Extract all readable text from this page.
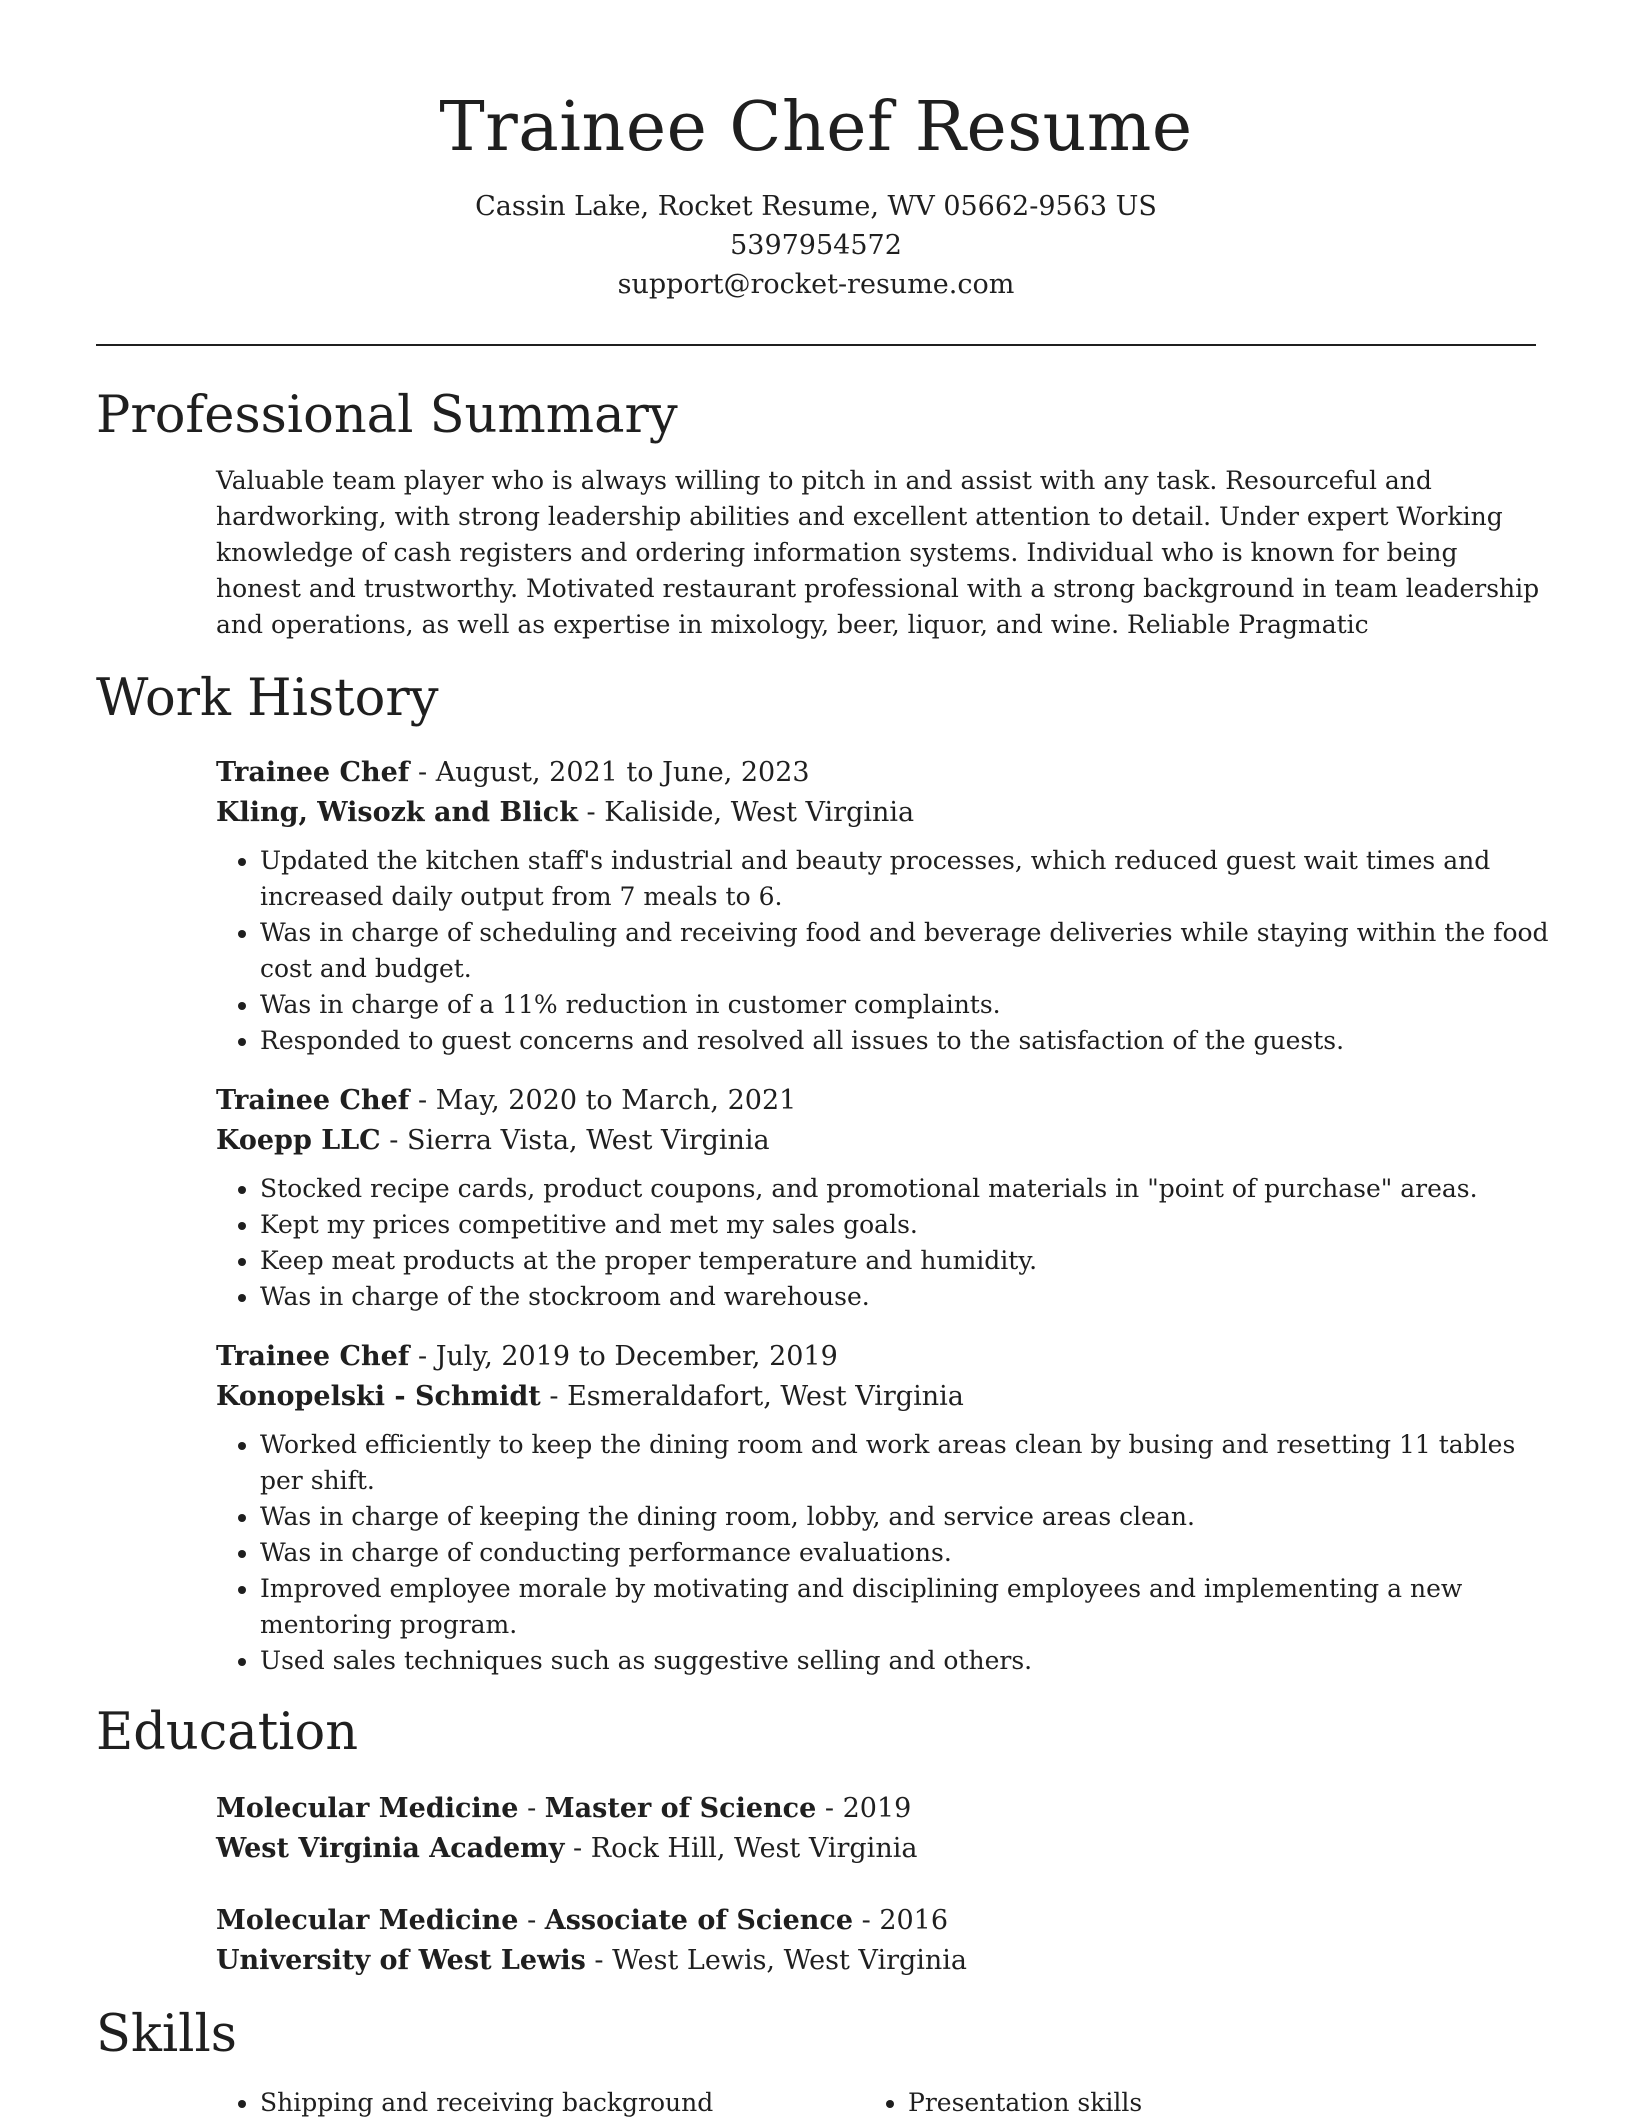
Trainee Chef Resume
Cassin Lake, Rocket Resume, WV 05662-9563 US
5397954572
support@rocket-resume.com
Professional Summary
Valuable team player who is always willing to pitch in and assist with any task. Resourceful and hardworking, with strong leadership abilities and excellent attention to detail. Under expert Working knowledge of cash registers and ordering information systems. Individual who is known for being honest and trustworthy. Motivated restaurant professional with a strong background in team leadership and operations, as well as expertise in mixology, beer, liquor, and wine. Reliable Pragmatic
Work History
Trainee Chef - August, 2021 to June, 2023
Kling, Wisozk and Blick - Kaliside, West Virginia
• Updated the kitchen staff's industrial and beauty processes, which reduced guest wait times and increased daily output from 7 meals to 6.
• Was in charge of scheduling and receiving food and beverage deliveries while staying within the food cost and budget.
• Was in charge of a 11% reduction in customer complaints.
• Responded to guest concerns and resolved all issues to the satisfaction of the guests.
Trainee Chef - May, 2020 to March, 2021
Koepp LLC - Sierra Vista, West Virginia
• Stocked recipe cards, product coupons, and promotional materials in "point of purchase" areas.
• Kept my prices competitive and met my sales goals.
• Keep meat products at the proper temperature and humidity.
• Was in charge of the stockroom and warehouse.
Trainee Chef - July, 2019 to December, 2019
Konopelski - Schmidt - Esmeraldafort, West Virginia
• Worked efficiently to keep the dining room and work areas clean by busing and resetting 11 tables per shift.
• Was in charge of keeping the dining room, lobby, and service areas clean.
• Was in charge of conducting performance evaluations.
• Improved employee morale by motivating and disciplining employees and implementing a new mentoring program.
• Used sales techniques such as suggestive selling and others.
Education
Molecular Medicine - Master of Science - 2019
West Virginia Academy - Rock Hill, West Virginia
Molecular Medicine - Associate of Science - 2016
University of West Lewis - West Lewis, West Virginia
Skills
• Shipping and receiving background
•	Presentation skills
